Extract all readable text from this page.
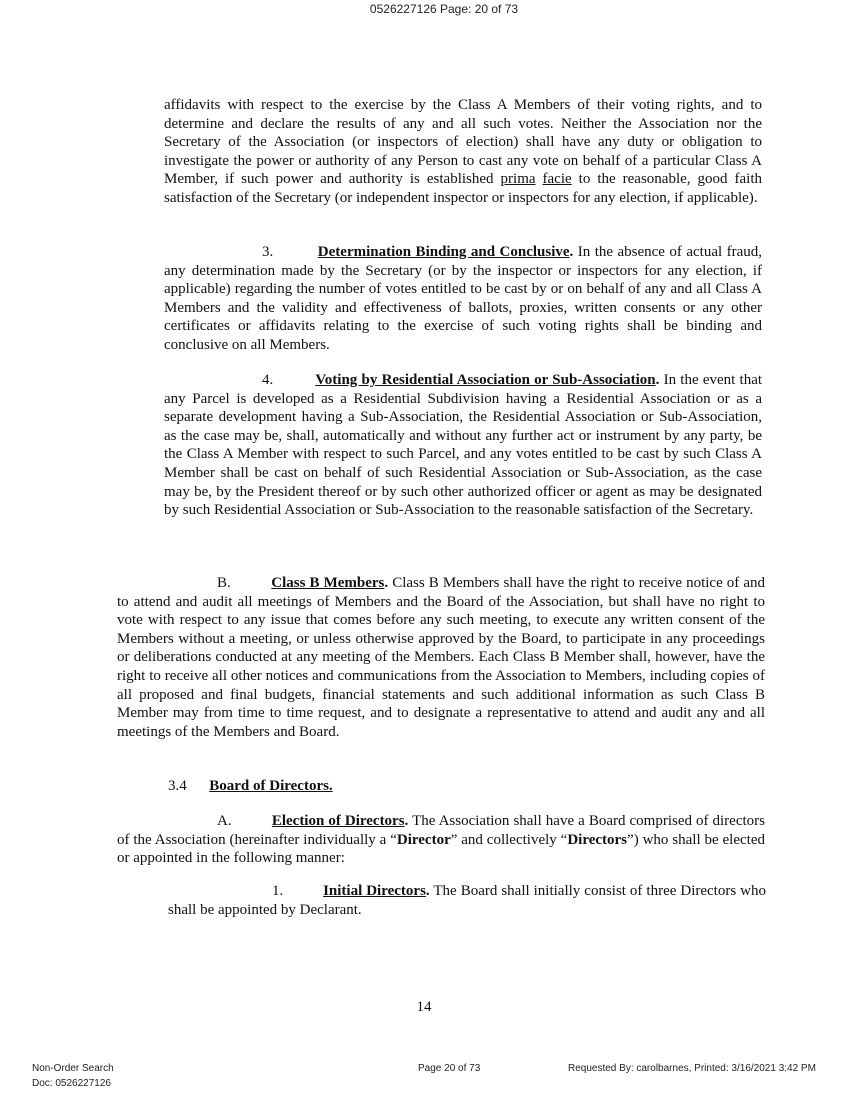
0526227126 Page: 20 of 73

affidavits with respect to the exercise by the Class A Members of their voting rights, and to determine and declare the results of any and all such votes. Neither the Association nor the Secretary of the Association (or inspectors of election) shall have any duty or obligation to investigate the power or authority of any Person to cast any vote on behalf of a particular Class A Member, if such power and authority is established prima facie to the reasonable, good faith satisfaction of the Secretary (or independent inspector or inspectors for any election, if applicable).

3.	Determination Binding and Conclusive. In the absence of actual fraud, any determination made by the Secretary (or by the inspector or inspectors for any election, if applicable) regarding the number of votes entitled to be cast by or on behalf of any and all Class A Members and the validity and effectiveness of ballots, proxies, written consents or any other certificates or affidavits relating to the exercise of such voting rights shall be binding and conclusive on all Members.

4.	Voting by Residential Association or Sub-Association. In the event that any Parcel is developed as a Residential Subdivision having a Residential Association or as a separate development having a Sub-Association, the Residential Association or Sub-Association, as the case may be, shall, automatically and without any further act or instrument by any party, be the Class A Member with respect to such Parcel, and any votes entitled to be cast by such Class A Member shall be cast on behalf of such Residential Association or Sub-Association, as the case may be, by the President thereof or by such other authorized officer or agent as may be designated by such Residential Association or Sub-Association to the reasonable satisfaction of the Secretary.

B.	Class B Members. Class B Members shall have the right to receive notice of and to attend and audit all meetings of Members and the Board of the Association, but shall have no right to vote with respect to any issue that comes before any such meeting, to execute any written consent of the Members without a meeting, or unless otherwise approved by the Board, to participate in any proceedings or deliberations conducted at any meeting of the Members. Each Class B Member shall, however, have the right to receive all other notices and communications from the Association to Members, including copies of all proposed and final budgets, financial statements and such additional information as such Class B Member may from time to time request, and to designate a representative to attend and audit any and all meetings of the Members and Board.

3.4 Board of Directors.

A.	Election of Directors. The Association shall have a Board comprised of directors of the Association (hereinafter individually a “Director” and collectively “Directors”) who shall be elected or appointed in the following manner:

1.	Initial Directors. The Board shall initially consist of three Directors who shall be appointed by Declarant.

14
Non-Order Search
Doc: 0526227126
Page 20 of 73	Requested By: carolbarnes, Printed: 3/16/2021 3:42 PM
